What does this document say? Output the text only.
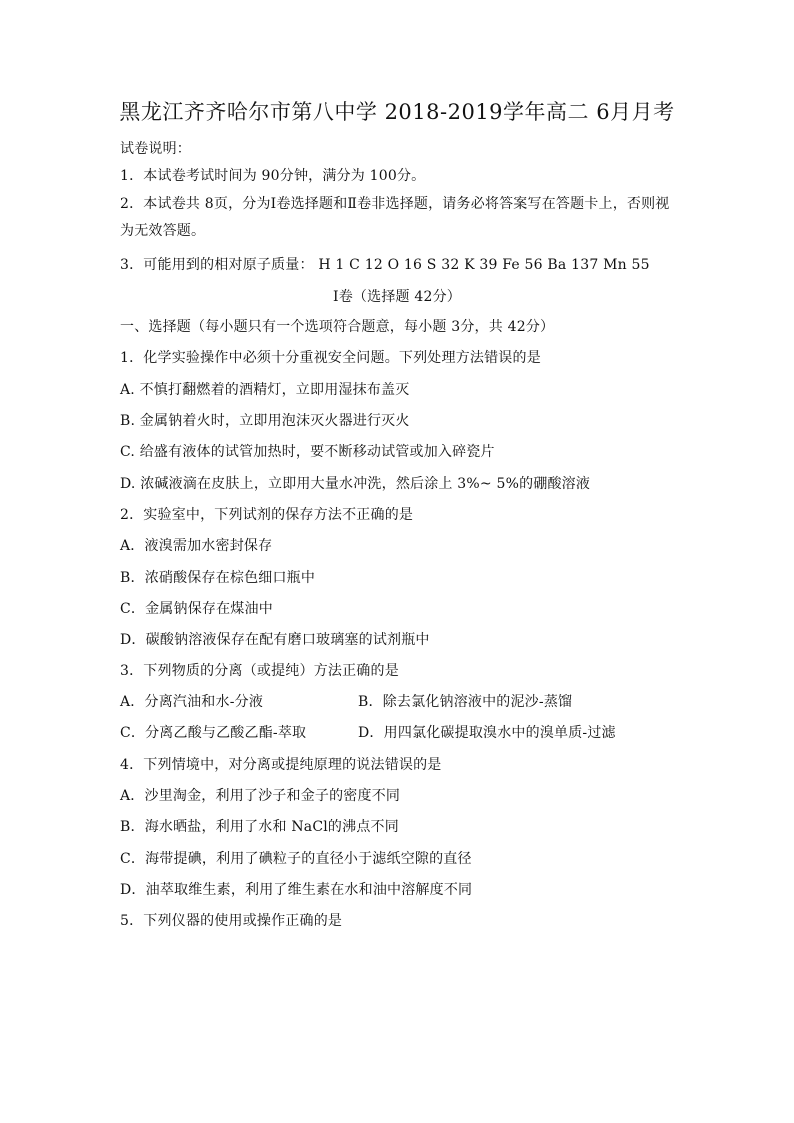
黑龙江齐齐哈尔市第八中学 2018-2019学年高二 6月月考
试卷说明：
1．本试卷考试时间为 90分钟，满分为 100分。
2．本试卷共 8页，分为Ⅰ卷选择题和Ⅱ卷非选择题，请务必将答案写在答题卡上，否则视
为无效答题。
3．可能用到的相对原子质量： H 1 C 12 O 16 S 32 K 39 Fe 56 Ba 137 Mn 55
Ⅰ卷（选择题 42分）
一、选择题（每小题只有一个选项符合题意，每小题 3分，共 42分）
1．化学实验操作中必须十分重视安全问题。下列处理方法错误的是
A. 不慎打翻燃着的酒精灯，立即用湿抹布盖灭
B. 金属钠着火时，立即用泡沫灭火器进行灭火
C. 给盛有液体的试管加热时，要不断移动试管或加入碎瓷片
D. 浓碱液滴在皮肤上，立即用大量水冲洗，然后涂上 3%~ 5%的硼酸溶液
2．实验室中，下列试剂的保存方法不正确的是
A．液溴需加水密封保存
B．浓硝酸保存在棕色细口瓶中
C．金属钠保存在煤油中
D．碳酸钠溶液保存在配有磨口玻璃塞的试剂瓶中
3．下列物质的分离（或提纯）方法正确的是
A．分离汽油和水-分液	B．除去氯化钠溶液中的泥沙-蒸馏
C．分离乙酸与乙酸乙酯-萃取	D．用四氯化碳提取溴水中的溴单质-过滤
4．下列情境中，对分离或提纯原理的说法错误的是
A．沙里淘金，利用了沙子和金子的密度不同
B．海水晒盐，利用了水和 NaCl的沸点不同
C．海带提碘，利用了碘粒子的直径小于滤纸空隙的直径
D．油萃取维生素，利用了维生素在水和油中溶解度不同
5．下列仪器的使用或操作正确的是
